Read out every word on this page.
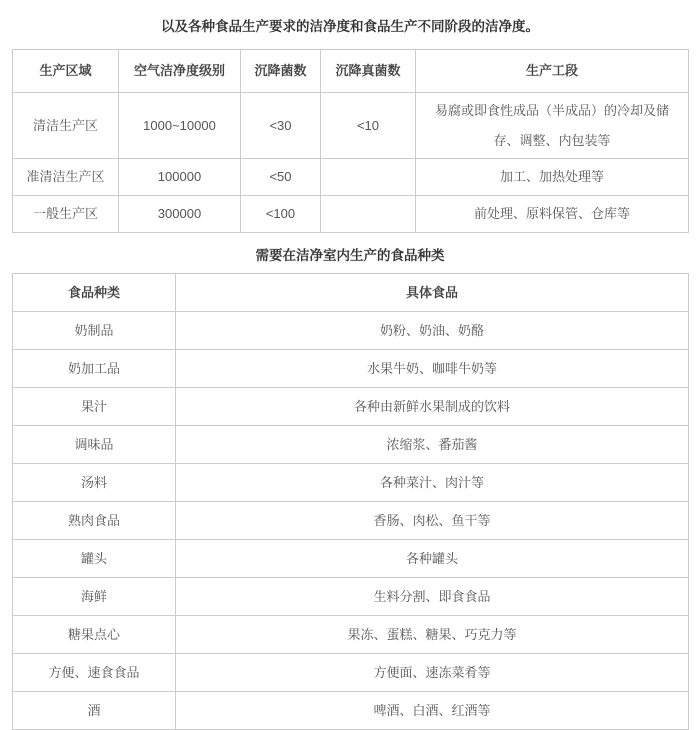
以及各种食品生产要求的洁净度和食品生产不同阶段的洁净度。

生产区域	空气洁净度级别	沉降菌数	沉降真菌数	生产工段
清洁生产区	1000~10000	<30	<10	易腐或即食性成品（半成品）的冷却及储存、调整、内包装等
准清洁生产区	100000	<50		加工、加热处理等
一般生产区	300000	<100		前处理、原料保管、仓库等

需要在洁净室内生产的食品种类

食品种类	具体食品
奶制品	奶粉、奶油、奶酪
奶加工品	水果牛奶、咖啡牛奶等
果汁	各种由新鲜水果制成的饮料
调味品	浓缩浆、番茄酱
汤料	各种菜汁、肉汁等
熟肉食品	香肠、肉松、鱼干等
罐头	各种罐头
海鲜	生料分割、即食食品
糖果点心	果冻、蛋糕、糖果、巧克力等
方便、速食食品	方便面、速冻菜肴等
酒	啤酒、白酒、红酒等
